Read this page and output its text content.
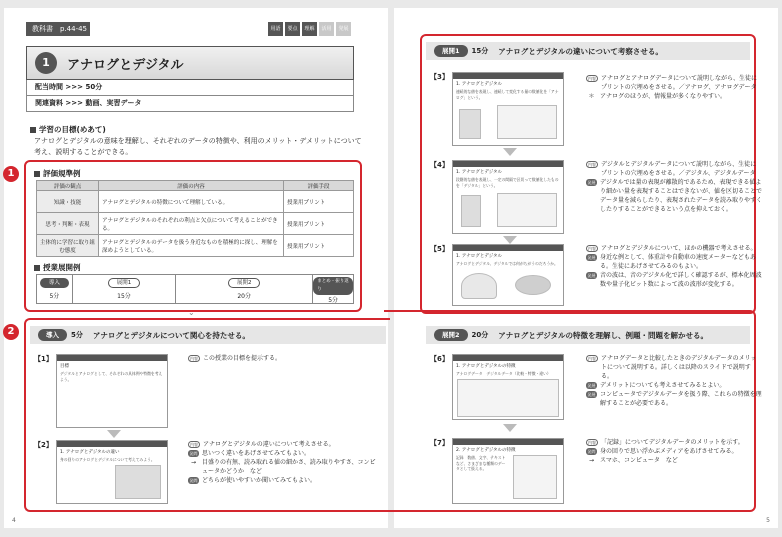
教科書　p.44-45	用語	要点	理解	活用	発展
1	アナログとデジタル
配当時間 >>> 50分
関連資料 >>> 動画、実習データ
学習の目標(めあて)
アナログとデジタルの意味を理解し、それぞれのデータの特徴や、利用のメリット・デメリットについて考え、説明することができる。
1	評価規準例
評価の観点	評価の内容	評価手段
知識・技能	アナログとデジタルの特徴について理解している。	授業用プリント
思考・判断・表現	アナログとデジタルのそれぞれの利点と欠点について考えることができる。	授業用プリント
主体的に学習に取り組む態度	アナログとデジタルのデータを扱う身近なものを積極的に探し、理解を深めようとしている。	授業用プリント
授業展開例
導入
5分
展開1
15分
展開2
20分
まとめ・振り返り
5分
⌄
2	導入	5分 アナログとデジタルについて関心を持たせる。
【1】
目標
デジタルとアナログとして、それぞれの具体例や特徴を考えよう。
内容 この授業の目標を提示する。
【2】
1. アナログとデジタルの違い
身の回りのアナログとデジタルについて考えてみよう。
内容 アナログとデジタルの違いについて考えさせる。
発問 思いつく違いをあげさせてみてもよい。
→ 目盛りの有無、読み取れる値の細かさ、読み取りやすさ、コンピュータかどうか　など
発問 どちらが使いやすいか聞いてみてもよい。
4
展開1	15分 アナログとデジタルの違いについて考察させる。
【3】
1. アナログとデジタル
連続的な値を表現し、連続して変化する量の数値化を「アナログ」という。
内容 アナログとアナログデータについて説明しながら、生徒にプリントの穴埋めをさせる。／アナログ、アナログデータ
＊ アナログのほうが、情報量が多くなりやすい。
【4】
1. アナログとデジタル
段階的な値を表現し、一定の間隔で区切って数値化したものを「デジタル」という。
内容 デジタルとデジタルデータについて説明しながら、生徒にプリントの穴埋めをさせる。／デジタル、デジタルデータ
発展 デジタルでは量の表現が離散的であるため、表現できる値より細かい量を表現することはできないが、値を区切ることでデータ量を減らしたり、表現されたデータを読み取りやすくしたりすることができるという点を抑えておく。
【5】
1. アナログとデジタル
アナログとデジタル、デジタルでは何がちがうのだろうか。
内容 アナログとデジタルについて、ほかの機器で考えさせる。
発展 身近な例として、体重計や自動車の速度メーターなどもある。生徒にあげさせてみるのもよい。
発展 音の波は、音のデジタル化で詳しく確認するが、標本化周波数や量子化ビット数によって波の波形が変化する。
展開2	20分 アナログとデジタルの特徴を理解し、例題・問題を解かせる。
【6】
1. アナログとデジタルの特徴
アナログデータ　デジタルデータ（比較・特徴・違い）
内容 アナログデータと比較したときのデジタルデータのメリットについて説明する。詳しくは以降のスライドで説明する。
発展 デメリットについても考えさせてみるとよい。
発展 コンピュータでデジタルデータを扱う際、これらの特徴を理解することが必要である。
【7】
2. アナログとデジタルの特徴
記録　数値、文字、テキストなど、さまざまな種類のデータとして扱える。
内容 「記録」についてデジタルデータのメリットを示す。
発問 身の回りで思い浮かぶメディアをあげさせてみる。
→ スマホ、コンピュータ　など
5
